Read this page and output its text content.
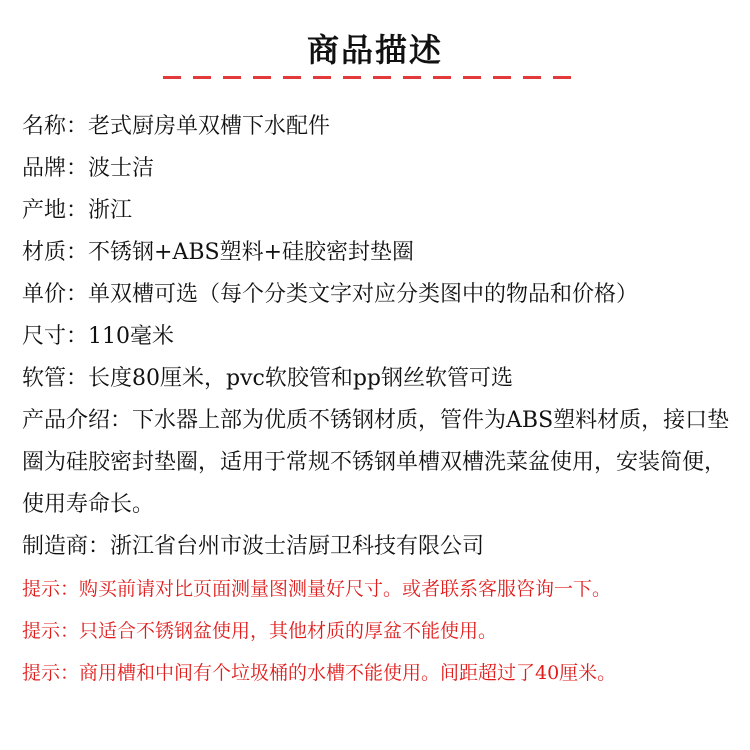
商品描述
名称：老式厨房单双槽下水配件
品牌：波士洁
产地：浙江
材质：不锈钢+ABS塑料+硅胶密封垫圈
单价：单双槽可选（每个分类文字对应分类图中的物品和价格）
尺寸：110毫米
软管：长度80厘米，pvc软胶管和pp钢丝软管可选
产品介绍：下水器上部为优质不锈钢材质，管件为ABS塑料材质，接口垫圈为硅胶密封垫圈，适用于常规不锈钢单槽双槽洗菜盆使用，安装简便，使用寿命长。
制造商：浙江省台州市波士洁厨卫科技有限公司
提示：购买前请对比页面测量图测量好尺寸。或者联系客服咨询一下。
提示：只适合不锈钢盆使用，其他材质的厚盆不能使用。
提示：商用槽和中间有个垃圾桶的水槽不能使用。间距超过了40厘米。
